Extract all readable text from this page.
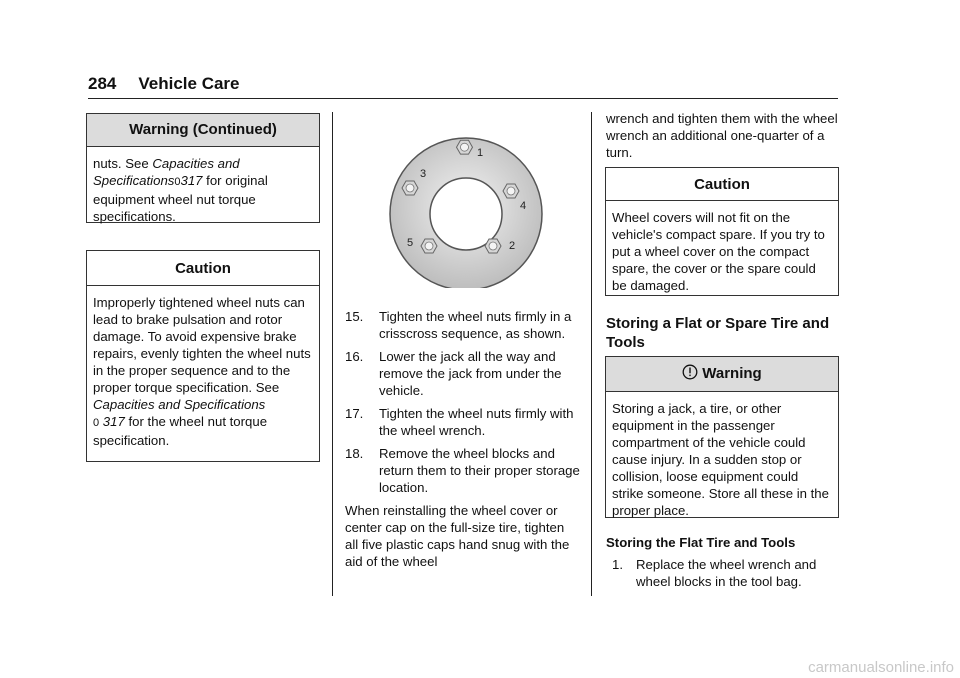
284 Vehicle Care
Warning (Continued)
nuts. See Capacities and Specifications0317 for original equipment wheel nut torque specifications.
Caution
Improperly tightened wheel nuts can lead to brake pulsation and rotor damage. To avoid expensive brake repairs, evenly tighten the wheel nuts in the proper sequence and to the proper torque specification. See Capacities and Specifications
0 317 for the wheel nut torque specification.
1
2
3
4
5
15.	Tighten the wheel nuts firmly in a crisscross sequence, as shown.
16.	Lower the jack all the way and remove the jack from under the vehicle.
17.	Tighten the wheel nuts firmly with the wheel wrench.
18.	Remove the wheel blocks and return them to their proper storage location.
When reinstalling the wheel cover or center cap on the full-size tire, tighten all five plastic caps hand snug with the aid of the wheel
wrench and tighten them with the wheel wrench an additional one-quarter of a turn.
Caution
Wheel covers will not fit on the vehicle's compact spare. If you try to put a wheel cover on the compact spare, the cover or the spare could be damaged.
Storing a Flat or Spare Tire and Tools
Warning
Storing a jack, a tire, or other equipment in the passenger compartment of the vehicle could cause injury. In a sudden stop or collision, loose equipment could strike someone. Store all these in the proper place.
Storing the Flat Tire and Tools
1. Replace the wheel wrench and wheel blocks in the tool bag.
carmanualsonline.info
